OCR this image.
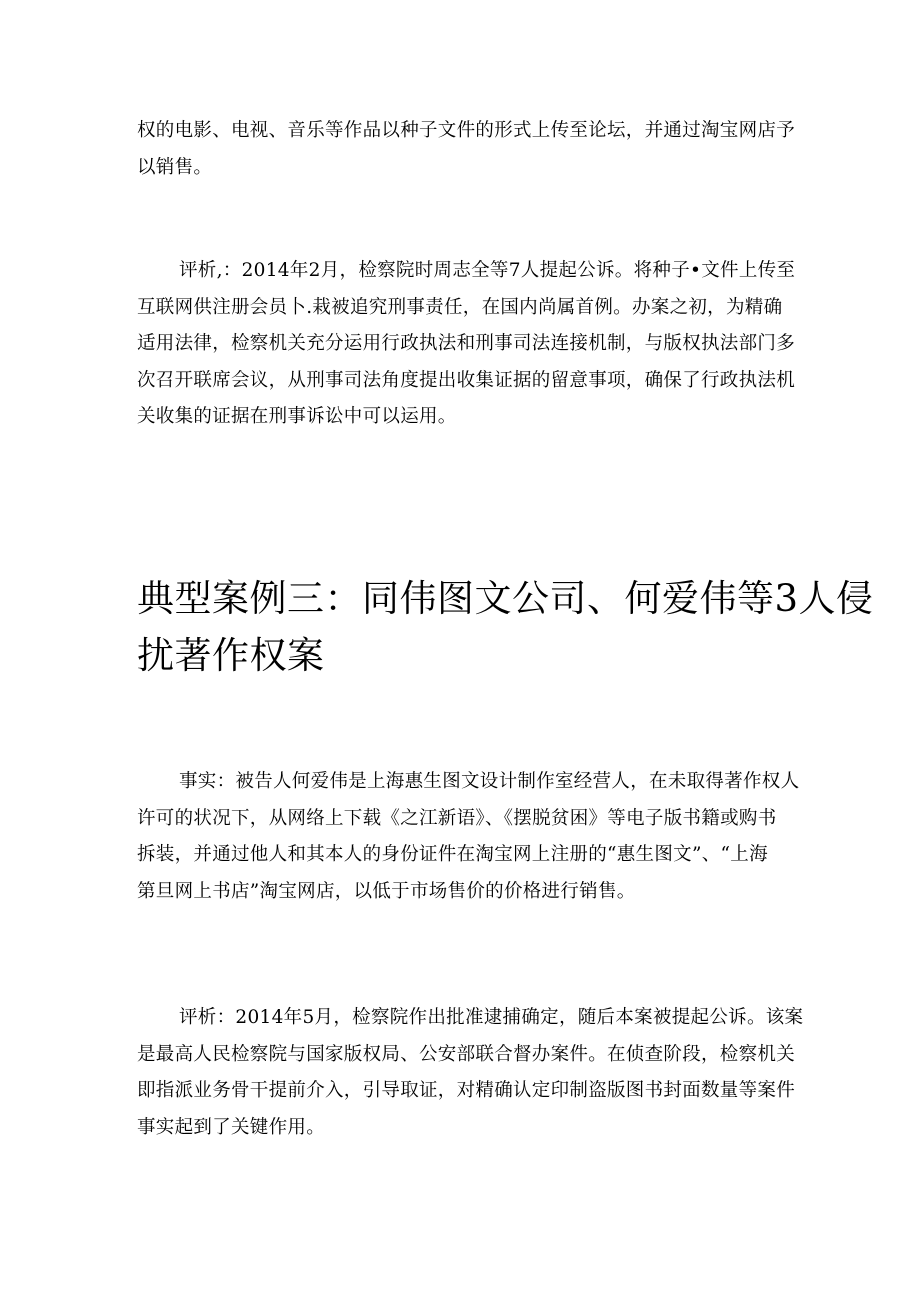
权的电影、电视、音乐等作品以种子文件的形式上传至论坛，并通过淘宝网店予
以销售。
评析,：2014年2月，检察院时周志全等7人提起公诉。将种子•文件上传至
互联网供注册会员卜.栽被追究刑事责任，在国内尚属首例。办案之初，为精确
适用法律，检察机关充分运用行政执法和刑事司法连接机制，与版权执法部门多
次召开联席会议，从刑事司法角度提出收集证据的留意事项，确保了行政执法机
关收集的证据在刑事诉讼中可以运用。
典型案例三：同伟图文公司、何爱伟等3人侵
扰著作权案
事实：被告人何爱伟是上海惠生图文设计制作室经营人，在未取得著作权人
许可的状况下，从网络上下载《之江新语》、《摆脱贫困》等电子版书籍或购书
拆装，并通过他人和其本人的身份证件在淘宝网上注册的“惠生图文”、“上海
第旦网上书店”淘宝网店，以低于市场售价的价格进行销售。
评析：2014年5月，检察院作出批准逮捕确定，随后本案被提起公诉。该案
是最高人民检察院与国家版权局、公安部联合督办案件。在侦查阶段，检察机关
即指派业务骨干提前介入，引导取证，对精确认定印制盗版图书封面数量等案件
事实起到了关键作用。
